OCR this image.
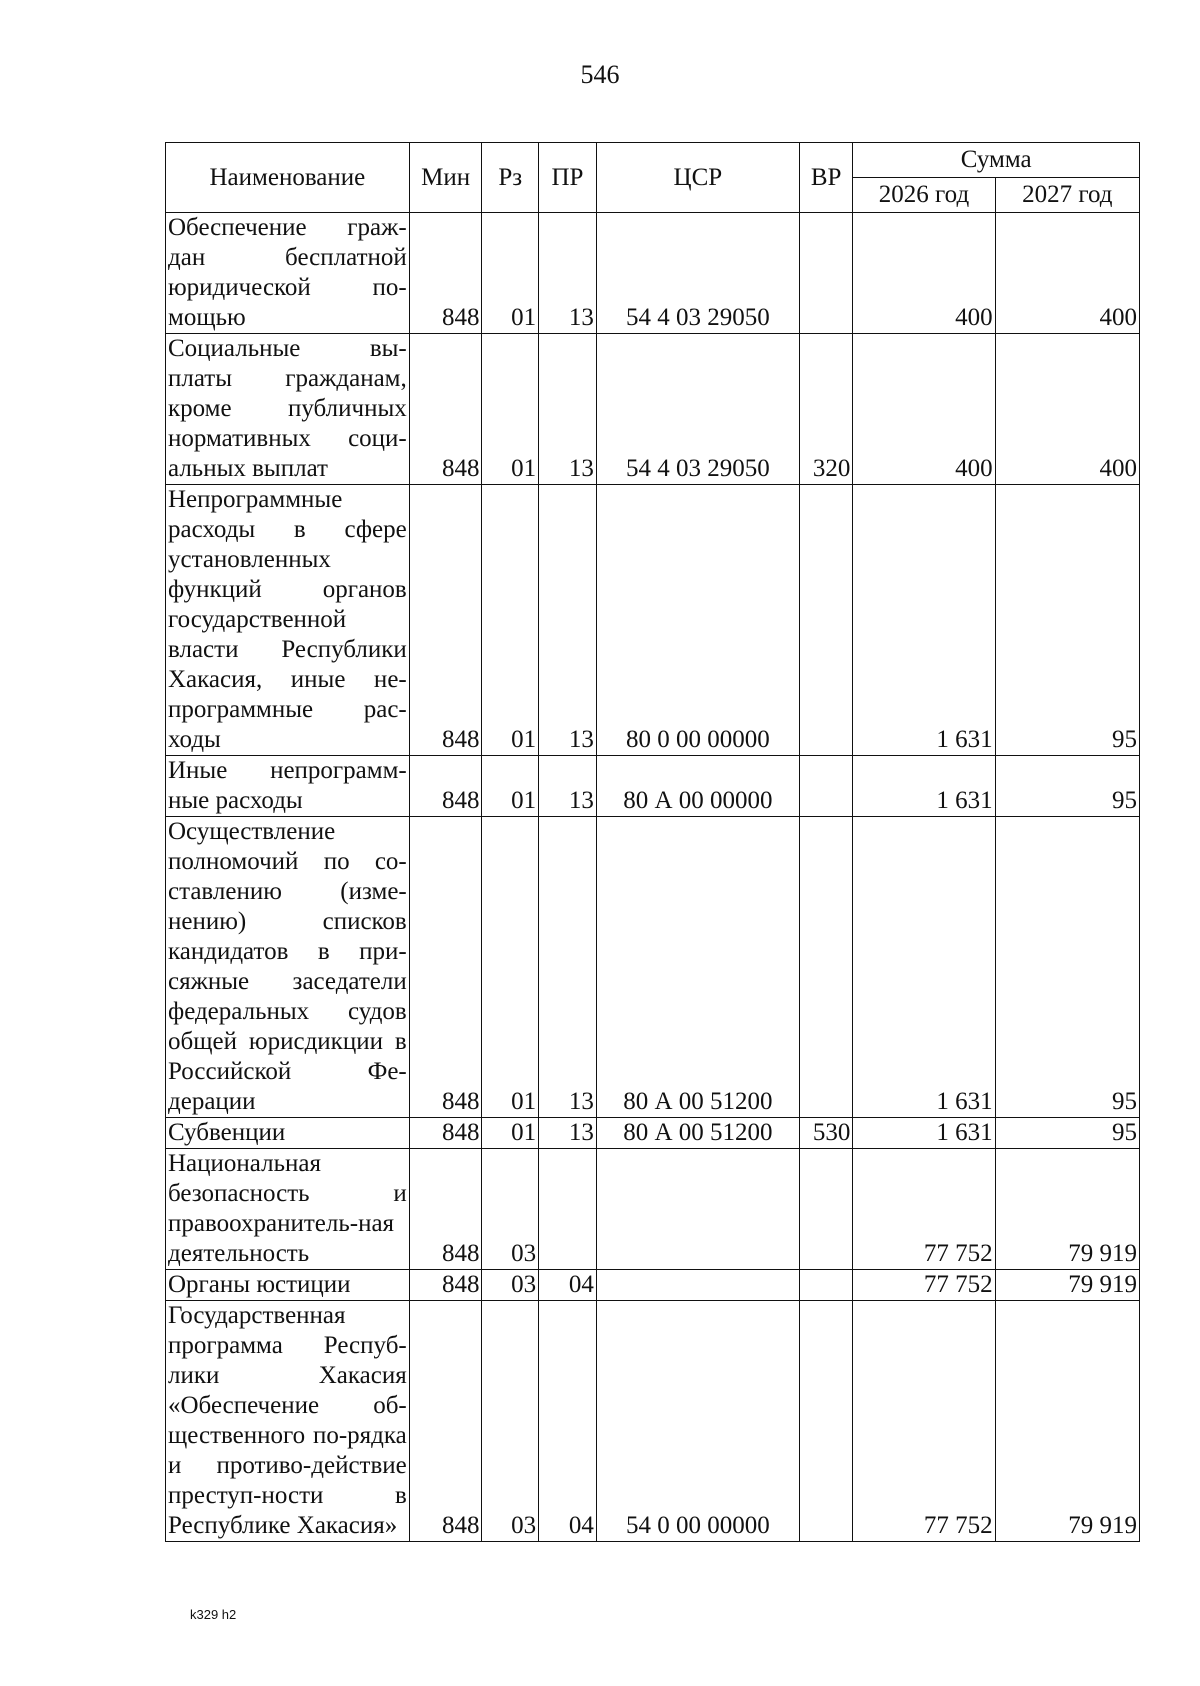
546
Наименование	Мин	Рз	ПР	ЦСР	ВР	Сумма	
						2026 год	2027 год
Обеспечение граж-дан бесплатной юридической по-мощью	848	01	13	54 4 03 29050		400	400
Социальные вы-платы гражданам, кроме публичных нормативных соци-альных выплат	848	01	13	54 4 03 29050	320	400	400
Непрограммные расходы в сфере установленных функций органов государственной власти Республики Хакасия, иные не-программные рас-ходы	848	01	13	80 0 00 00000		1 631	95
Иные непрограмм-ные расходы	848	01	13	80 А 00 00000		1 631	95
Осуществление полномочий по со-ставлению (изме-нению) списков кандидатов в при-сяжные заседатели федеральных судов общей юрисдикции в Российской Фе-дерации	848	01	13	80 А 00 51200		1 631	95
Субвенции	848	01	13	80 А 00 51200	530	1 631	95
Национальная безопасность и правоохранитель-ная деятельность	848	03				77 752	79 919
Органы юстиции	848	03	04			77 752	79 919
Государственная программа Респуб-лики Хакасия «Обеспечение об-щественного по-рядка и противо-действие преступ-ности в Республике Хакасия»	848	03	04	54 0 00 00000		77 752	79 919
k329 h2
